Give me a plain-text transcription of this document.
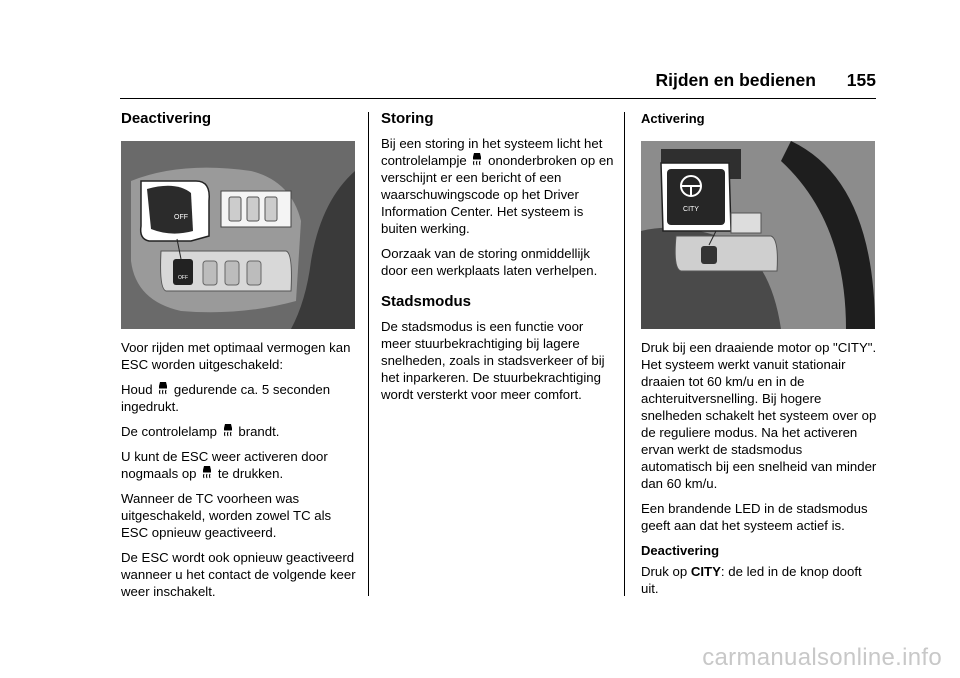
Rijden en bedienen 155
Deactivering
OFF
OFF

Voor rijden met optimaal vermogen kan ESC worden uitgeschakeld:

Houd gedurende ca. 5 seconden ingedrukt.

De controlelamp brandt.

U kunt de ESC weer activeren door nogmaals op te drukken.

Wanneer de TC voorheen was uitgeschakeld, worden zowel TC als ESC opnieuw geactiveerd.

De ESC wordt ook opnieuw geactiveerd wanneer u het contact de volgende keer weer inschakelt.

Storing

Bij een storing in het systeem licht het controlelampje ononderbroken op en verschijnt er een bericht of een waarschuwingscode op het Driver Information Center. Het systeem is buiten werking.

Oorzaak van de storing onmiddellijk door een werkplaats laten verhelpen.

Stadsmodus

De stadsmodus is een functie voor meer stuurbekrachtiging bij lagere snelheden, zoals in stadsverkeer of bij het inparkeren. De stuurbekrachtiging wordt versterkt voor meer comfort.

Activering
CITY

Druk bij een draaiende motor op "CITY". Het systeem werkt vanuit stationair draaien tot 60 km/u en in de achteruitversnelling. Bij hogere snelheden schakelt het systeem over op de reguliere modus. Na het activeren ervan werkt de stadsmodus automatisch bij een snelheid van minder dan 60 km/u.

Een brandende LED in de stadsmodus geeft aan dat het systeem actief is.

Deactivering

Druk op CITY: de led in de knop dooft uit.

carmanualsonline.info
